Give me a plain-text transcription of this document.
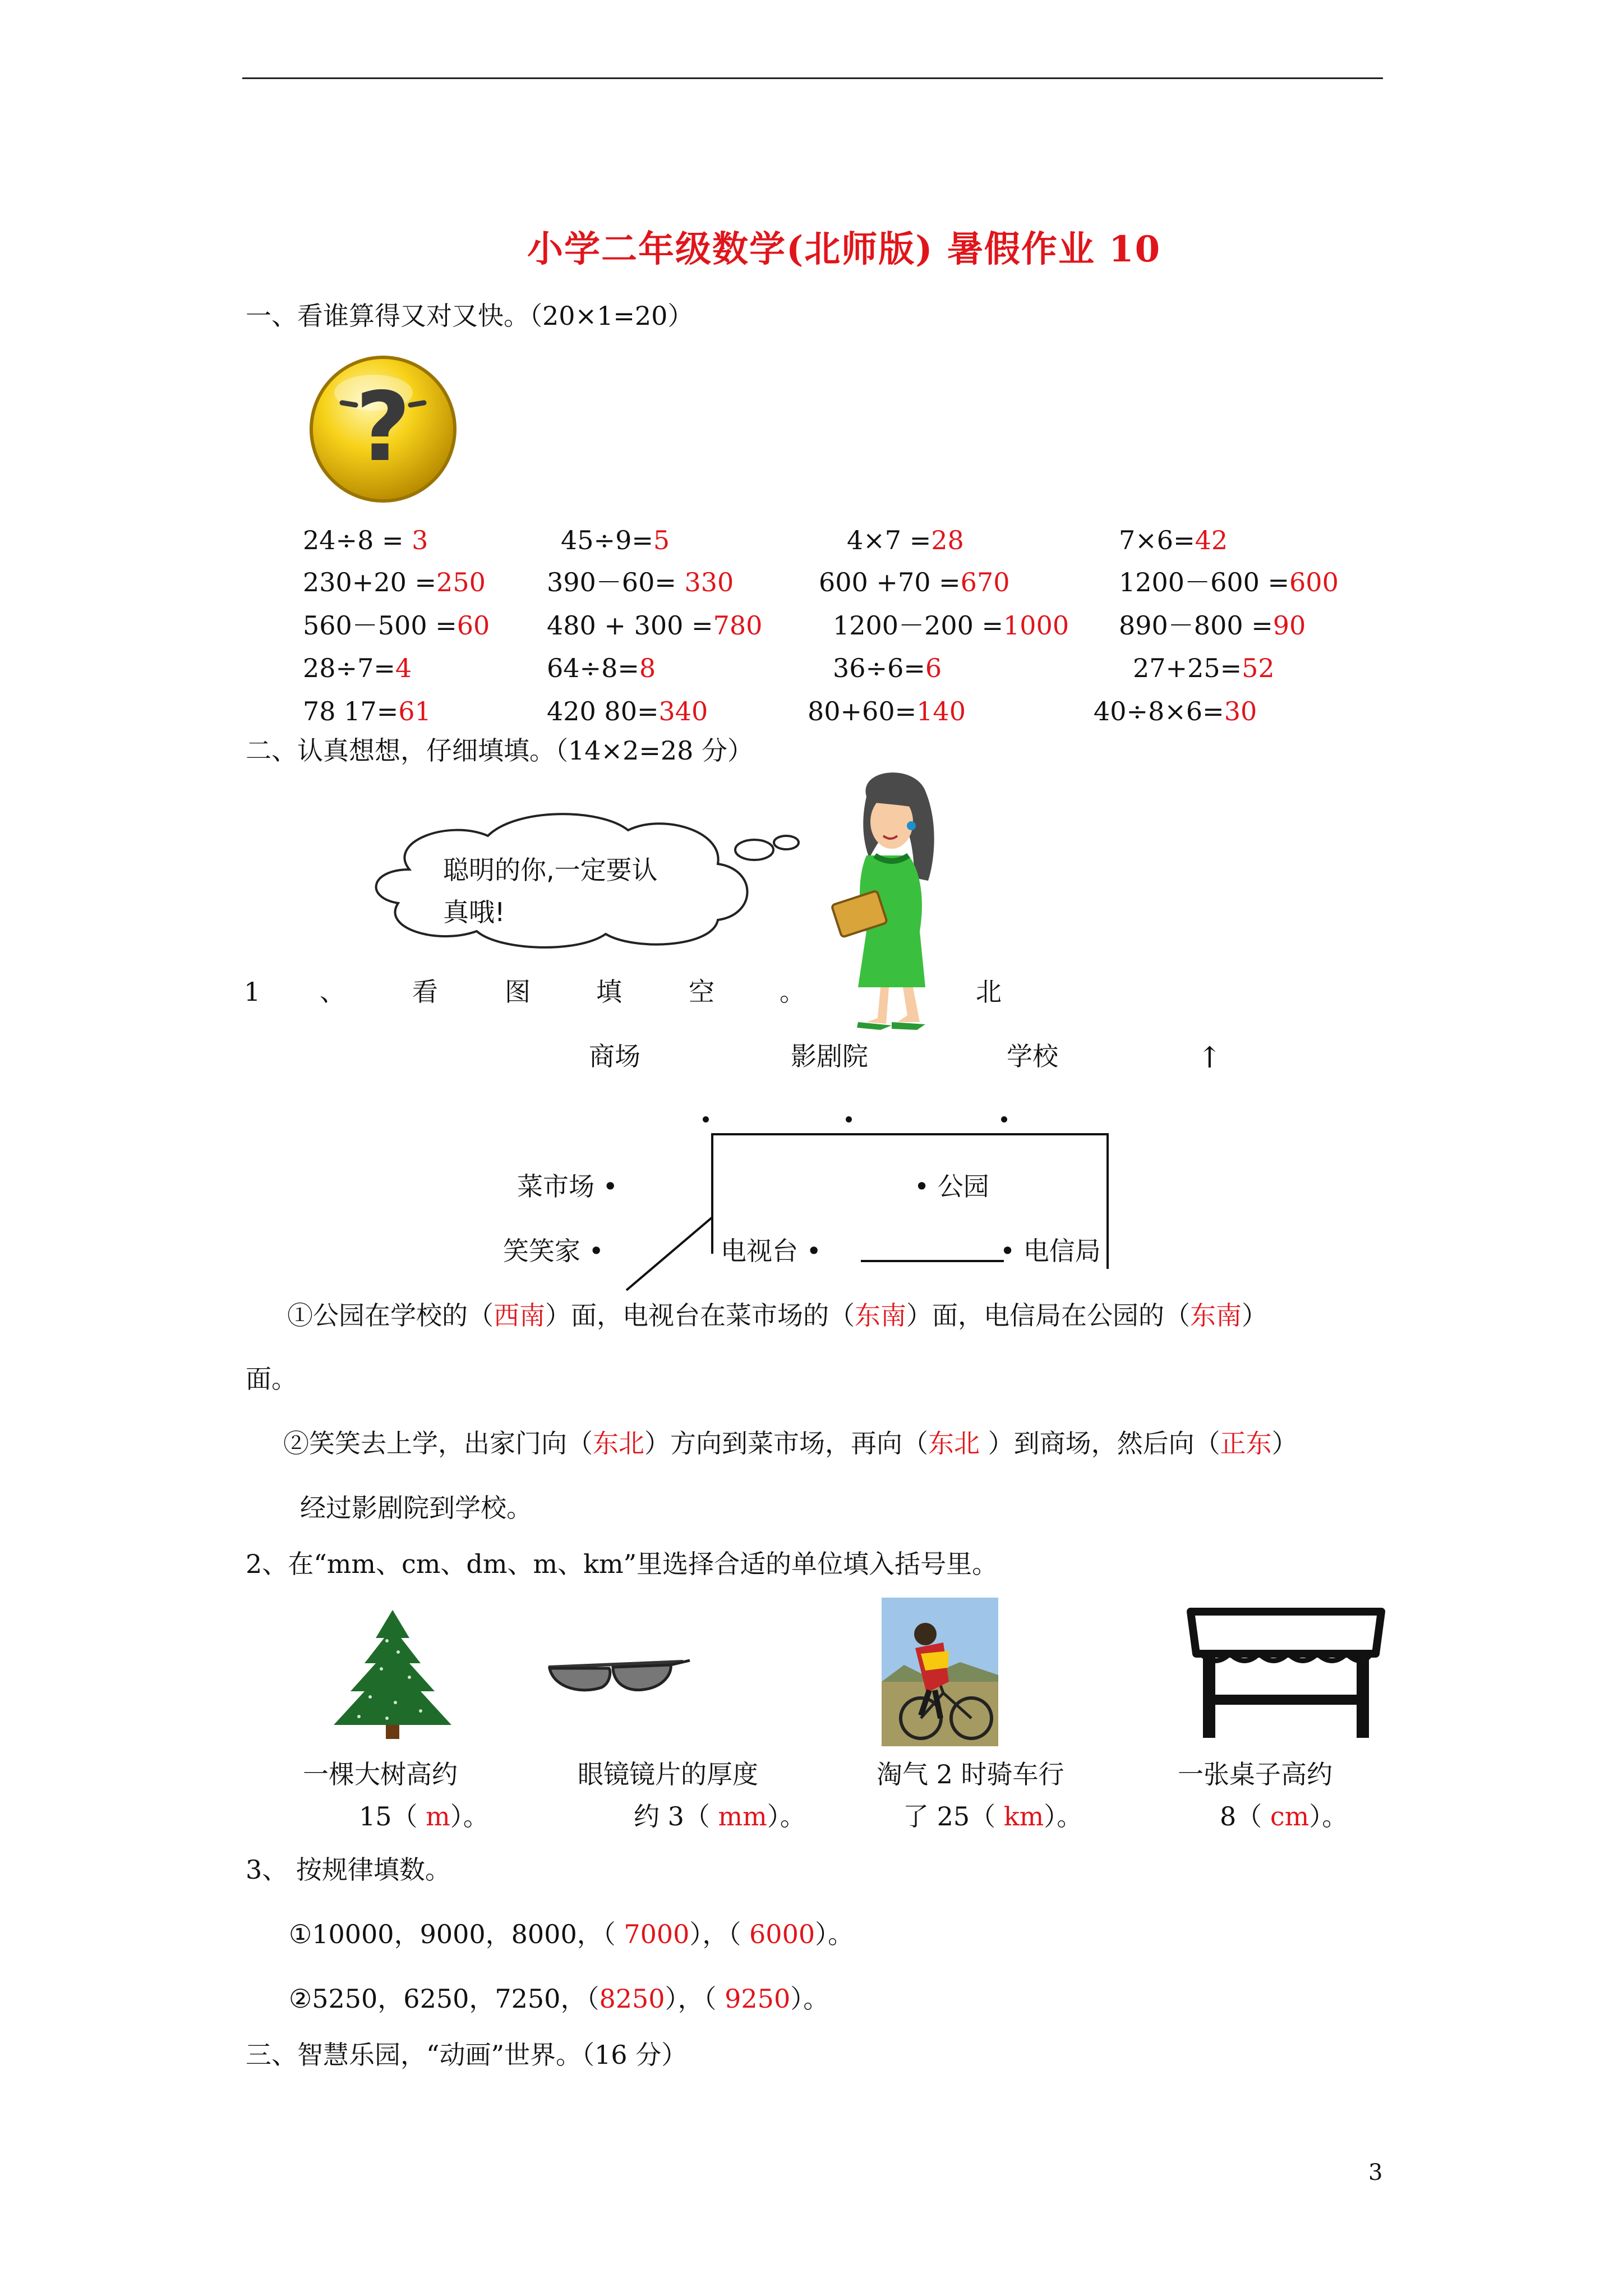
小学二年级数学(北师版) 暑假作业 10
一、看谁算得又对又快。（20×1=20）
?
24÷8 = 3	45÷9=5	4×7 =28	7×6=42
230+20 =250 390－60= 330	600 +70 =670	1200－600 =600
560－500 =60 480 + 300 =780	1200－200 =1000 890－800 =90
28÷7=4	64÷8=8	36÷6=6	27+25=52
78 17=61	420 80=340	80+60=140	40÷8×6=30
二、认真想想，仔细填填。（14×2=28 分）
聪明的你,一定要认
真哦!
1 、	看	图	填	空	。	北
↑
商场	影剧院	学校
菜市场 •	• 公园
笑笑家 •	电视台 •	• 电信局
①公园在学校的（西南）面，电视台在菜市场的（东南）面，电信局在公园的（东南）
面。
②笑笑去上学，出家门向（东北）方向到菜市场，再向（东北 ）到商场，然后向（正东）
经过影剧院到学校。
2、在“mm、cm、dm、m、km”里选择合适的单位填入括号里。
一棵大树高约
15（ m）。
眼镜镜片的厚度
约 3（ mm）。
淘气 2 时骑车行
了 25（ km）。
一张桌子高约
8（ cm）。
3、 按规律填数。
①10000，9000，8000，（ 7000），（ 6000）。
②5250，6250，7250，（8250），（ 9250）。
三、智慧乐园，“动画”世界。（16 分）
3
